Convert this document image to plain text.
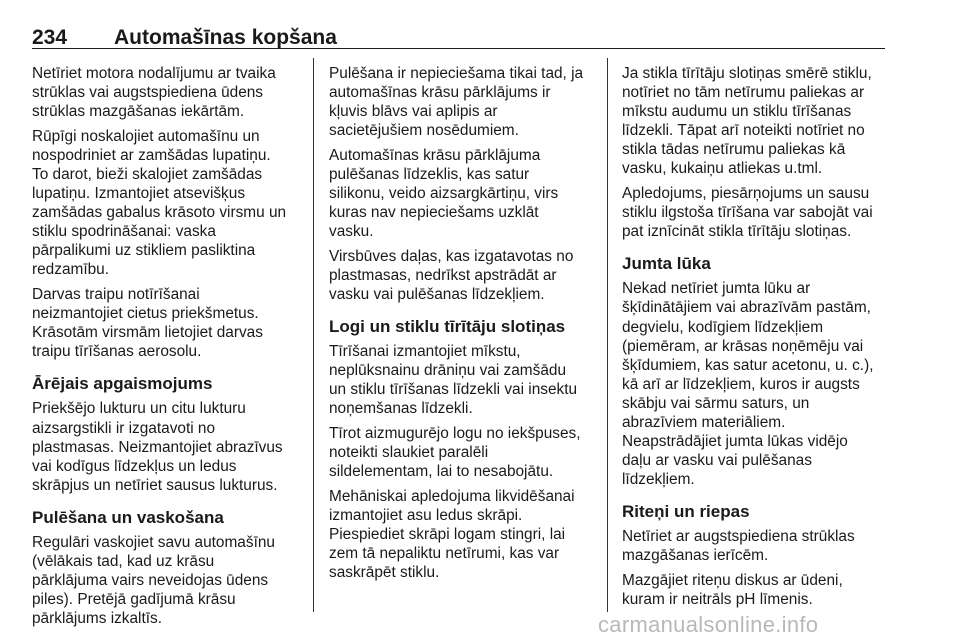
234 Automašīnas kopšana

Netīriet motora nodalījumu ar tvaika
strūklas vai augstspiediena ūdens
strūklas mazgāšanas iekārtām.

Rūpīgi noskalojiet automašīnu un
nospodriniet ar zamšādas lupatiņu.
To darot, bieži skalojiet zamšādas
lupatiņu. Izmantojiet atsevišķus
zamšādas gabalus krāsoto virsmu un
stiklu spodrināšanai: vaska
pārpalikumi uz stikliem pasliktina
redzamību.

Darvas traipu notīrīšanai
neizmantojiet cietus priekšmetus.
Krāsotām virsmām lietojiet darvas
traipu tīrīšanas aerosolu.

Ārējais apgaismojums

Priekšējo lukturu un citu lukturu
aizsargstikli ir izgatavoti no
plastmasas. Neizmantojiet abrazīvus
vai kodīgus līdzekļus un ledus
skrāpjus un netīriet sausus lukturus.

Pulēšana un vaskošana

Regulāri vaskojiet savu automašīnu
(vēlākais tad, kad uz krāsu
pārklājuma vairs neveidojas ūdens
piles). Pretējā gadījumā krāsu
pārklājums izkaltīs.

Pulēšana ir nepieciešama tikai tad, ja
automašīnas krāsu pārklājums ir
kļuvis blāvs vai aplipis ar
sacietējušiem nosēdumiem.

Automašīnas krāsu pārklājuma
pulēšanas līdzeklis, kas satur
silikonu, veido aizsargkārtiņu, virs
kuras nav nepieciešams uzklāt
vasku.

Virsbūves daļas, kas izgatavotas no
plastmasas, nedrīkst apstrādāt ar
vasku vai pulēšanas līdzekļiem.

Logi un stiklu tīrītāju slotiņas

Tīrīšanai izmantojiet mīkstu,
neplūksnainu drāniņu vai zamšādu
un stiklu tīrīšanas līdzekli vai insektu
noņemšanas līdzekli.

Tīrot aizmugurējo logu no iekšpuses,
noteikti slaukiet paralēli
sildelementam, lai to nesabojātu.

Mehāniskai apledojuma likvidēšanai
izmantojiet asu ledus skrāpi.
Piespiediet skrāpi logam stingri, lai
zem tā nepaliktu netīrumi, kas var
saskrāpēt stiklu.

Ja stikla tīrītāju slotiņas smērē stiklu,
notīriet no tām netīrumu paliekas ar
mīkstu audumu un stiklu tīrīšanas
līdzekli. Tāpat arī noteikti notīriet no
stikla tādas netīrumu paliekas kā
vasku, kukaiņu atliekas u.tml.

Apledojums, piesārņojums un sausu
stiklu ilgstoša tīrīšana var sabojāt vai
pat iznīcināt stikla tīrītāju slotiņas.

Jumta lūka

Nekad netīriet jumta lūku ar
šķīdinātājiem vai abrazīvām pastām,
degvielu, kodīgiem līdzekļiem
(piemēram, ar krāsas noņēmēju vai
šķīdumiem, kas satur acetonu, u. c.),
kā arī ar līdzekļiem, kuros ir augsts
skābju vai sārmu saturs, un
abrazīviem materiāliem.
Neapstrādājiet jumta lūkas vidējo
daļu ar vasku vai pulēšanas
līdzekļiem.

Riteņi un riepas

Netīriet ar augstspiediena strūklas
mazgāšanas ierīcēm.

Mazgājiet riteņu diskus ar ūdeni,
kuram ir neitrāls pH līmenis.

carmanualsonline.info
